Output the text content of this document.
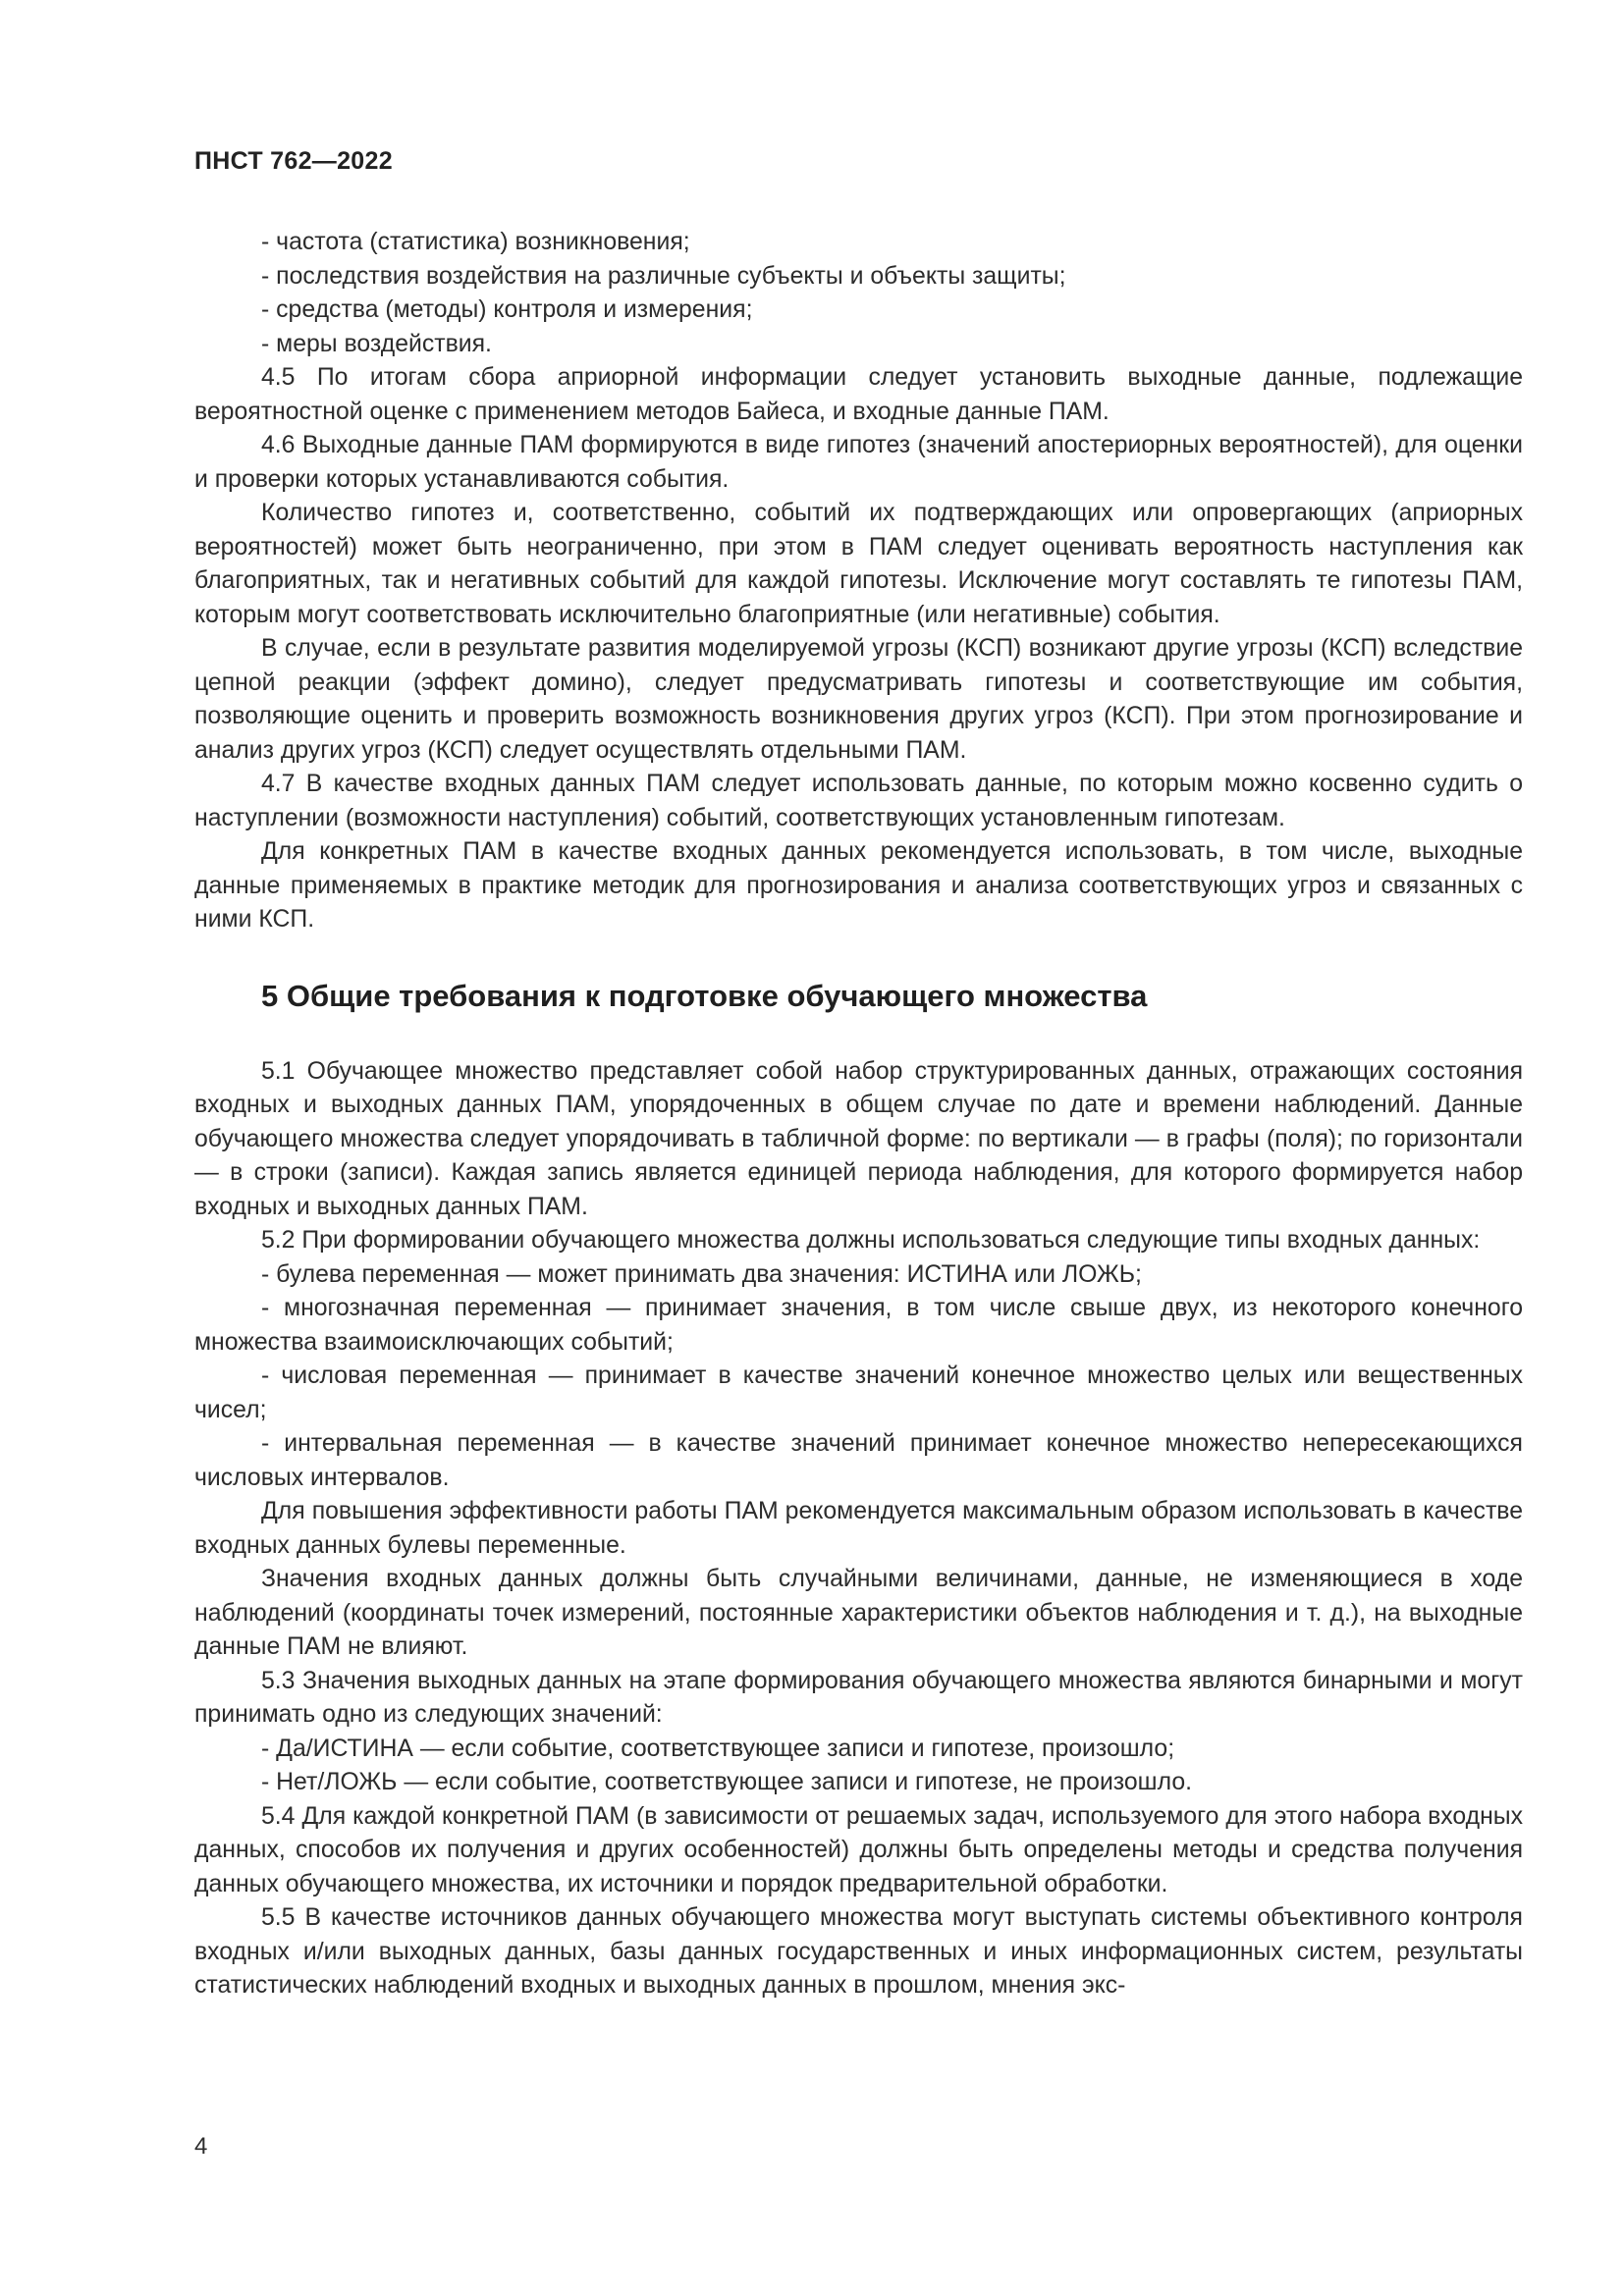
ПНСТ 762—2022

- частота (статистика) возникновения;

- последствия воздействия на различные субъекты и объекты защиты;

- средства (методы) контроля и измерения;

- меры воздействия.

4.5 По итогам сбора априорной информации следует установить выходные данные, подлежащие вероятностной оценке с применением методов Байеса, и входные данные ПАМ.

4.6 Выходные данные ПАМ формируются в виде гипотез (значений апостериорных вероятностей), для оценки и проверки которых устанавливаются события.

Количество гипотез и, соответственно, событий их подтверждающих или опровергающих (априорных вероятностей) может быть неограниченно, при этом в ПАМ следует оценивать вероятность наступления как благоприятных, так и негативных событий для каждой гипотезы. Исключение могут составлять те гипотезы ПАМ, которым могут соответствовать исключительно благоприятные (или негативные) события.

В случае, если в результате развития моделируемой угрозы (КСП) возникают другие угрозы (КСП) вследствие цепной реакции (эффект домино), следует предусматривать гипотезы и соответствующие им события, позволяющие оценить и проверить возможность возникновения других угроз (КСП). При этом прогнозирование и анализ других угроз (КСП) следует осуществлять отдельными ПАМ.

4.7 В качестве входных данных ПАМ следует использовать данные, по которым можно косвенно судить о наступлении (возможности наступления) событий, соответствующих установленным гипотезам.

Для конкретных ПАМ в качестве входных данных рекомендуется использовать, в том числе, выходные данные применяемых в практике методик для прогнозирования и анализа соответствующих угроз и связанных с ними КСП.

5 Общие требования к подготовке обучающего множества

5.1 Обучающее множество представляет собой набор структурированных данных, отражающих состояния входных и выходных данных ПАМ, упорядоченных в общем случае по дате и времени наблюдений. Данные обучающего множества следует упорядочивать в табличной форме: по вертикали — в графы (поля); по горизонтали — в строки (записи). Каждая запись является единицей периода наблюдения, для которого формируется набор входных и выходных данных ПАМ.

5.2 При формировании обучающего множества должны использоваться следующие типы входных данных:

- булева переменная — может принимать два значения: ИСТИНА или ЛОЖЬ;

- многозначная переменная — принимает значения, в том числе свыше двух, из некоторого конечного множества взаимоисключающих событий;

- числовая переменная — принимает в качестве значений конечное множество целых или вещественных чисел;

- интервальная переменная — в качестве значений принимает конечное множество непересекающихся числовых интервалов.

Для повышения эффективности работы ПАМ рекомендуется максимальным образом использовать в качестве входных данных булевы переменные.

Значения входных данных должны быть случайными величинами, данные, не изменяющиеся в ходе наблюдений (координаты точек измерений, постоянные характеристики объектов наблюдения и т. д.), на выходные данные ПАМ не влияют.

5.3 Значения выходных данных на этапе формирования обучающего множества являются бинарными и могут принимать одно из следующих значений:

- Да/ИСТИНА — если событие, соответствующее записи и гипотезе, произошло;

- Нет/ЛОЖЬ — если событие, соответствующее записи и гипотезе, не произошло.

5.4 Для каждой конкретной ПАМ (в зависимости от решаемых задач, используемого для этого набора входных данных, способов их получения и других особенностей) должны быть определены методы и средства получения данных обучающего множества, их источники и порядок предварительной обработки.

5.5 В качестве источников данных обучающего множества могут выступать системы объективного контроля входных и/или выходных данных, базы данных государственных и иных информационных систем, результаты статистических наблюдений входных и выходных данных в прошлом, мнения экс-

4
